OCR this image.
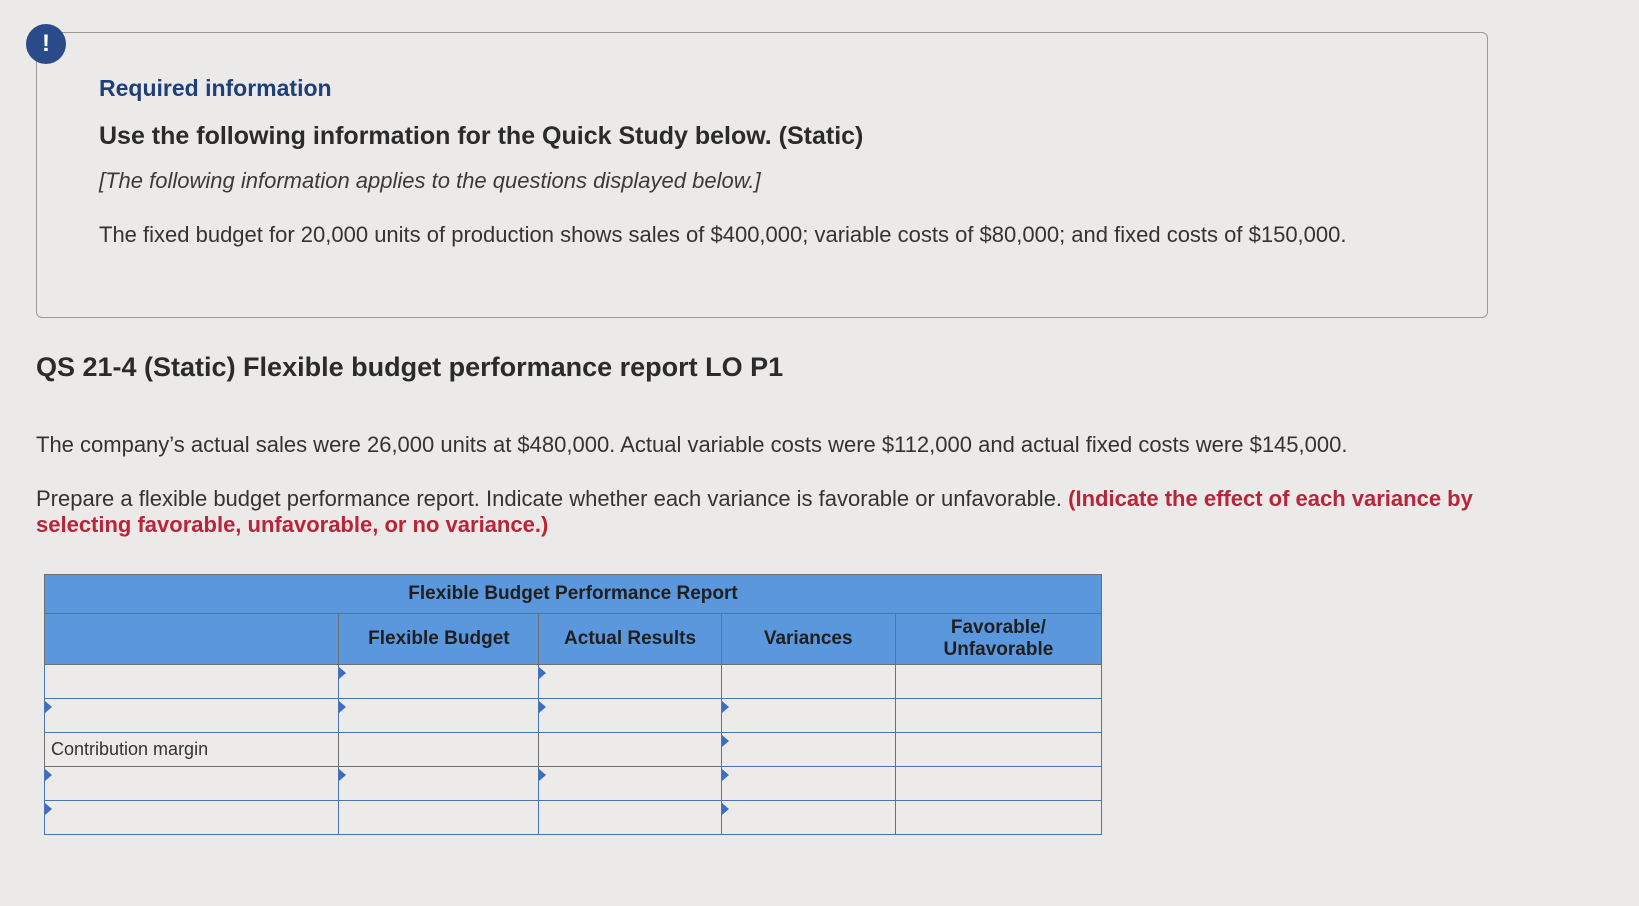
!
Required information
Use the following information for the Quick Study below. (Static)
[The following information applies to the questions displayed below.]
The fixed budget for 20,000 units of production shows sales of $400,000; variable costs of $80,000; and fixed costs of $150,000.
QS 21-4 (Static) Flexible budget performance report LO P1
The company’s actual sales were 26,000 units at $480,000. Actual variable costs were $112,000 and actual fixed costs were $145,000.
Prepare a flexible budget performance report. Indicate whether each variance is favorable or unfavorable. (Indicate the effect of each variance by selecting favorable, unfavorable, or no variance.)
Flexible Budget Performance Report				
	Flexible Budget	Actual Results	Variances	Favorable/ Unfavorable

Contribution margin			
